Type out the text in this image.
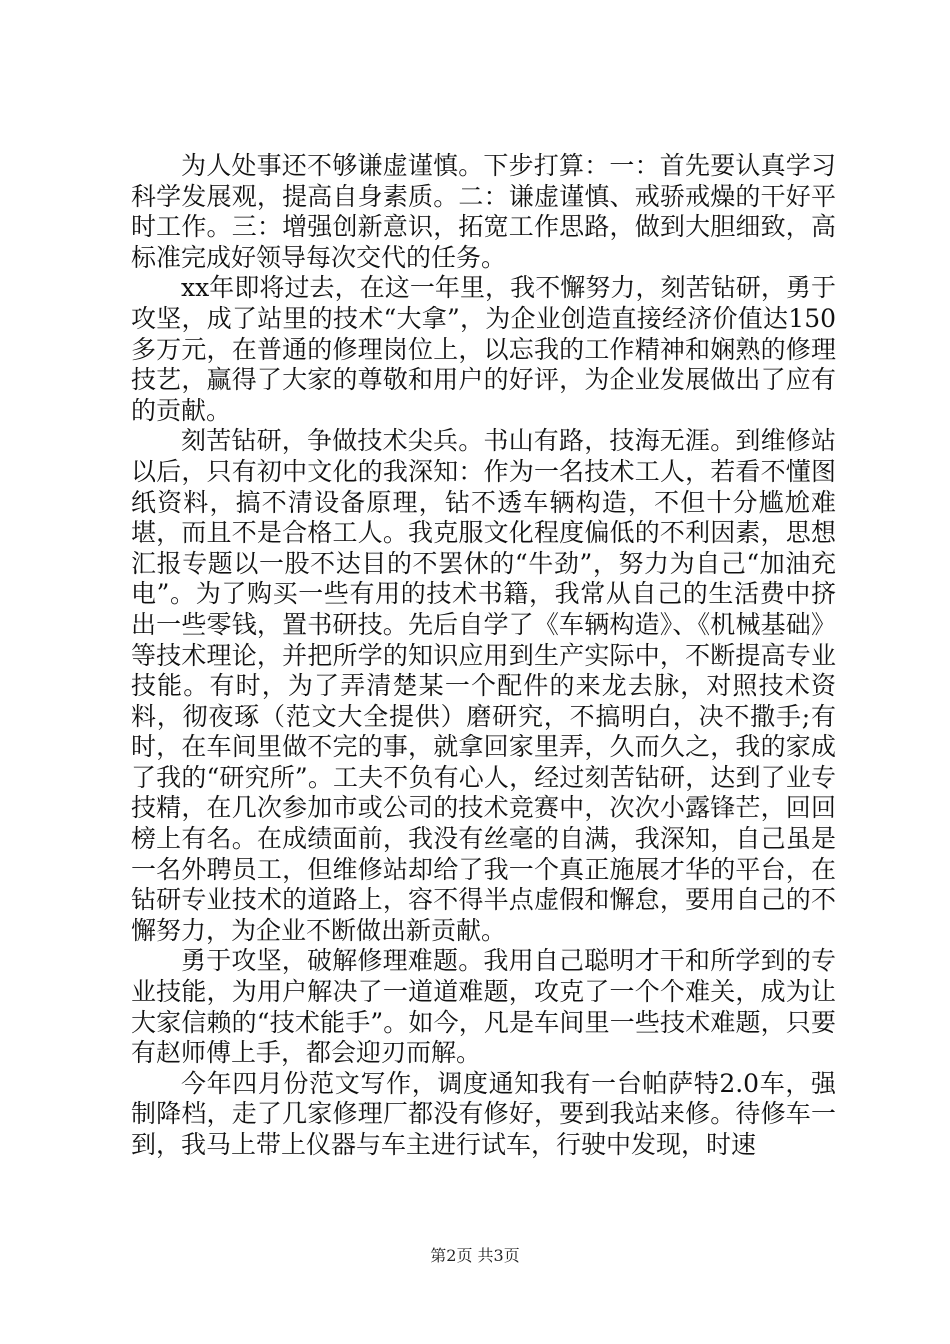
为人处事还不够谦虚谨慎。下步打算：一：首先要认真学习科学发展观，提高自身素质。二：谦虚谨慎、戒骄戒燥的干好平时工作。三：增强创新意识，拓宽工作思路，做到大胆细致，高标准完成好领导每次交代的任务。

xx年即将过去，在这一年里，我不懈努力，刻苦钻研，勇于攻坚，成了站里的技术“大拿”，为企业创造直接经济价值达150多万元，在普通的修理岗位上，以忘我的工作精神和娴熟的修理技艺，赢得了大家的尊敬和用户的好评，为企业发展做出了应有的贡献。

刻苦钻研，争做技术尖兵。书山有路，技海无涯。到维修站以后，只有初中文化的我深知：作为一名技术工人，若看不懂图纸资料，搞不清设备原理，钻不透车辆构造，不但十分尴尬难堪，而且不是合格工人。我克服文化程度偏低的不利因素，思想汇报专题以一股不达目的不罢休的“牛劲”，努力为自己“加油充电”。为了购买一些有用的技术书籍，我常从自己的生活费中挤出一些零钱，置书研技。先后自学了《车辆构造》、《机械基础》等技术理论，并把所学的知识应用到生产实际中，不断提高专业技能。有时，为了弄清楚某一个配件的来龙去脉，对照技术资料，彻夜琢（范文大全提供）磨研究，不搞明白，决不撒手;有时，在车间里做不完的事，就拿回家里弄，久而久之，我的家成了我的“研究所”。工夫不负有心人，经过刻苦钻研，达到了业专技精，在几次参加市或公司的技术竞赛中，次次小露锋芒，回回榜上有名。在成绩面前，我没有丝毫的自满，我深知，自己虽是一名外聘员工，但维修站却给了我一个真正施展才华的平台，在钻研专业技术的道路上，容不得半点虚假和懈怠，要用自己的不懈努力，为企业不断做出新贡献。

勇于攻坚，破解修理难题。我用自己聪明才干和所学到的专业技能，为用户解决了一道道难题，攻克了一个个难关，成为让大家信赖的“技术能手”。如今，凡是车间里一些技术难题，只要有赵师傅上手，都会迎刃而解。

今年四月份范文写作，调度通知我有一台帕萨特2.0车，强制降档，走了几家修理厂都没有修好，要到我站来修。待修车一到，我马上带上仪器与车主进行试车，行驶中发现，时速

第2页 共3页
